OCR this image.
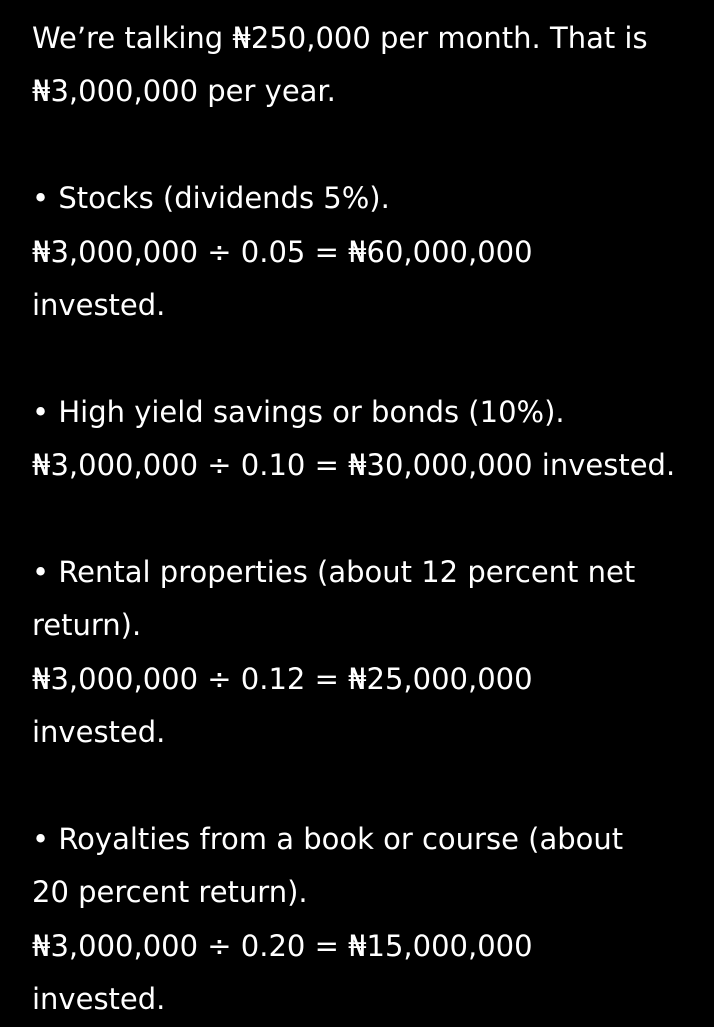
We’re talking ₦250,000 per month. That is
₦3,000,000 per year.
• Stocks (dividends 5%).
₦3,000,000 ÷ 0.05 = ₦60,000,000
invested.
• High yield savings or bonds (10%).
₦3,000,000 ÷ 0.10 = ₦30,000,000 invested.
• Rental properties (about 12 percent net
return).
₦3,000,000 ÷ 0.12 = ₦25,000,000
invested.
• Royalties from a book or course (about
20 percent return).
₦3,000,000 ÷ 0.20 = ₦15,000,000
invested.
